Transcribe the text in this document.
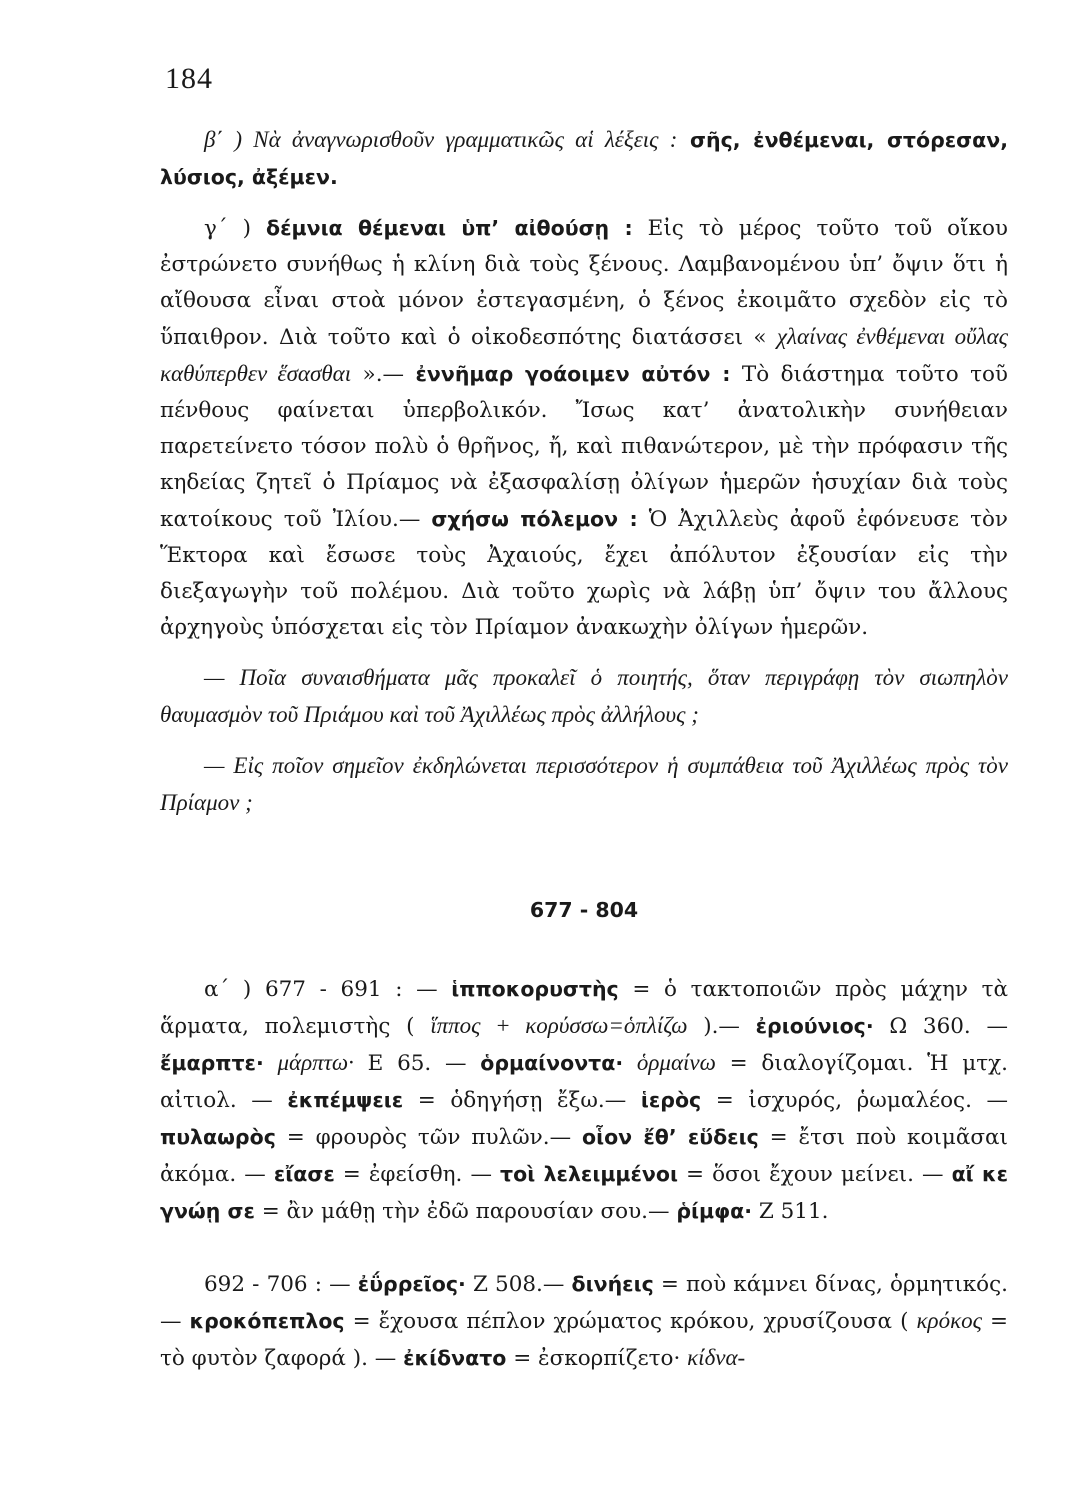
184

β΄ ) Νὰ ἀναγνωρισθοῦν γραμματικῶς αἱ λέξεις : σῆς, ἐνθέμεναι, στόρεσαν, λύσιος, ἀξέμεν.

γ΄ ) δέμνια θέμεναι ὑπ’ αἰθούσῃ : Εἰς τὸ μέρος τοῦτο τοῦ οἴκου ἐστρώνετο συνήθως ἡ κλίνη διὰ τοὺς ξένους. Λαμβανομένου ὑπ’ ὄψιν ὅτι ἡ αἴθουσα εἶναι στοὰ μόνον ἐστεγασμένη, ὁ ξένος ἐκοιμᾶτο σχεδὸν εἰς τὸ ὕπαιθρον. Διὰ τοῦτο καὶ ὁ οἰκοδεσπότης διατάσσει « χλαίνας ἐνθέμεναι οὔλας καθύπερθεν ἕσασθαι ».— ἐννῆμαρ γοάοιμεν αὐτόν : Τὸ διάστημα τοῦτο τοῦ πένθους φαίνεται ὑπερβολικόν. Ἴσως κατ’ ἀνατολικὴν συνήθειαν παρετείνετο τόσον πολὺ ὁ θρῆνος, ἤ, καὶ πιθανώτερον, μὲ τὴν πρόφασιν τῆς κηδείας ζητεῖ ὁ Πρίαμος νὰ ἐξασφαλίσῃ ὀλίγων ἡμερῶν ἡσυχίαν διὰ τοὺς κατοίκους τοῦ Ἰλίου.— σχήσω πόλεμον : Ὁ Ἀχιλλεὺς ἀφοῦ ἐφόνευσε τὸν Ἕκτορα καὶ ἔσωσε τοὺς Ἀχαιούς, ἔχει ἀπόλυτον ἐξουσίαν εἰς τὴν διεξαγωγὴν τοῦ πολέμου. Διὰ τοῦτο χωρὶς νὰ λάβῃ ὑπ’ ὄψιν του ἄλλους ἀρχηγοὺς ὑπόσχεται εἰς τὸν Πρίαμον ἀνακωχὴν ὀλίγων ἡμερῶν.

— Ποῖα συναισθήματα μᾶς προκαλεῖ ὁ ποιητής, ὅταν περιγράφῃ τὸν σιωπηλὸν θαυμασμὸν τοῦ Πριάμου καὶ τοῦ Ἀχιλλέως πρὸς ἀλλήλους ;

— Εἰς ποῖον σημεῖον ἐκδηλώνεται περισσότερον ἡ συμπάθεια τοῦ Ἀχιλλέως πρὸς τὸν Πρίαμον ;

677 - 804

α΄ ) 677 - 691 : — ἱπποκορυστὴς = ὁ τακτοποιῶν πρὸς μάχην τὰ ἅρματα, πολεμιστὴς ( ἵππος + κορύσσω=ὁπλίζω ).— ἐριούνιος· Ω 360. — ἔμαρπτε· μάρπτω· Ε 65. — ὁρμαίνοντα· ὁρμαίνω = διαλογίζομαι. Ἡ μτχ. αἰτιολ. — ἐκπέμψειε = ὁδηγήσῃ ἔξω.— ἱερὸς = ἰσχυρός, ῥωμαλέος. — πυλαωρὸς = φρουρὸς τῶν πυλῶν.— οἷον ἔθ’ εὕδεις = ἔτσι ποὺ κοιμᾶσαι ἀκόμα. — εἴασε = ἐφείσθη. — τοὶ λελειμμένοι = ὅσοι ἔχουν μείνει. — αἴ κε γνώῃ σε = ἂν μάθῃ τὴν ἐδῶ παρουσίαν σου.— ῥίμφα· Ζ 511.

692 - 706 : — ἐΰρρεῖος· Ζ 508.— δινήεις = ποὺ κάμνει δίνας, ὁρμητικός.— κροκόπεπλος = ἔχουσα πέπλον χρώματος κρόκου, χρυσίζουσα ( κρόκος = τὸ φυτὸν ζαφορά ). — ἐκίδνατο = ἐσκορπίζετο· κίδνα-
